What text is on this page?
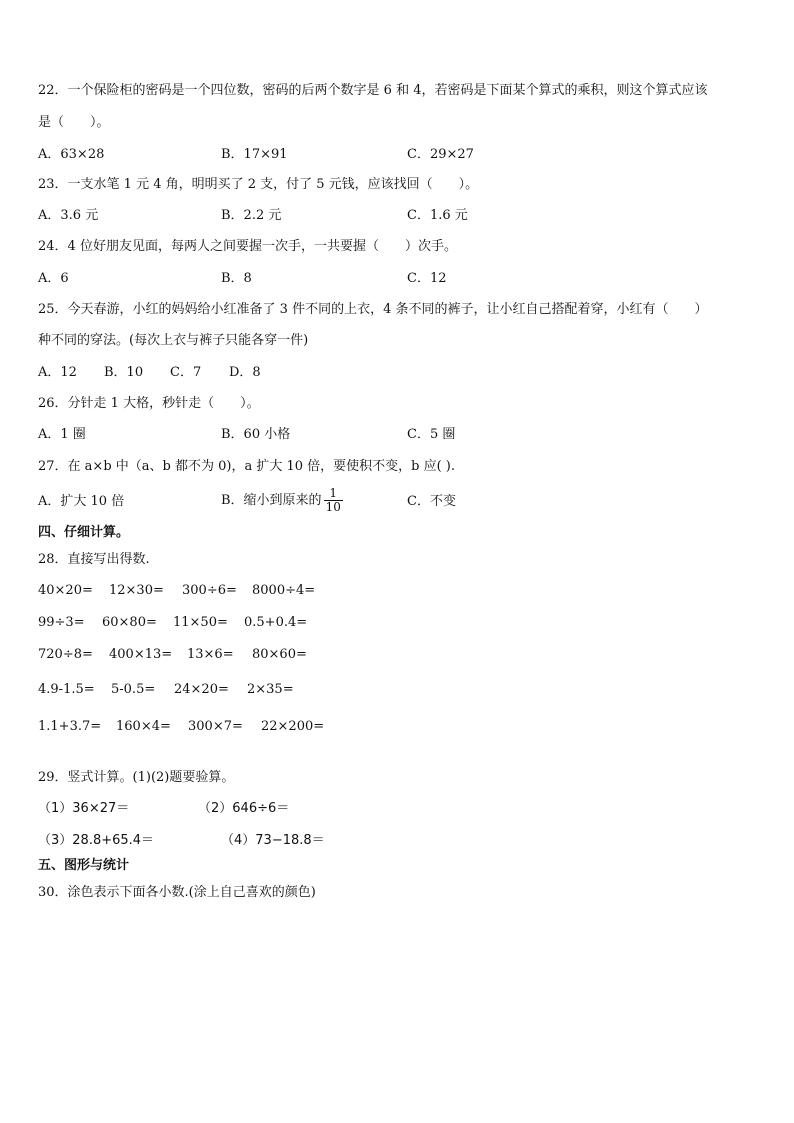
22．一个保险柜的密码是一个四位数，密码的后两个数字是 6 和 4，若密码是下面某个算式的乘积，则这个算式应该
是（　　）。
A．63×28	B．17×91	C．29×27
23．一支水笔 1 元 4 角，明明买了 2 支，付了 5 元钱，应该找回（　　）。
A．3.6 元	B．2.2 元	C．1.6 元
24．4 位好朋友见面，每两人之间要握一次手，一共要握（　　）次手。
A．6	B．8	C．12
25．今天春游，小红的妈妈给小红准备了 3 件不同的上衣，4 条不同的裤子，让小红自己搭配着穿，小红有（　　）
种不同的穿法。(每次上衣与裤子只能各穿一件)
A．12 B．10 C．7 D．8
26．分针走 1 大格，秒针走（　　）。
A．1 圈	B．60 小格	C．5 圈
27．在 a×b 中（a、b 都不为 0)，a 扩大 10 倍，要使积不变，b 应( ).
A．扩大 10 倍	B．缩小到原来的 $\frac{1}{10}$	C．不变
四、仔细计算。
28．直接写出得数.
40×20= 12×30= 300÷6= 8000÷4=
99÷3= 60×80= 11×50= 0.5+0.4=
720÷8= 400×13= 13×6= 80×60=
4.9-1.5= 5-0.5= 24×20= 2×35=
1.1+3.7= 160×4= 300×7= 22×200=
29．竖式计算。(1)(2)题要验算。
（1）36×27＝	（2）646÷6＝
（3）28.8+65.4＝	（4）73−18.8＝
五、图形与统计
30．涂色表示下面各小数.(涂上自己喜欢的颜色)
